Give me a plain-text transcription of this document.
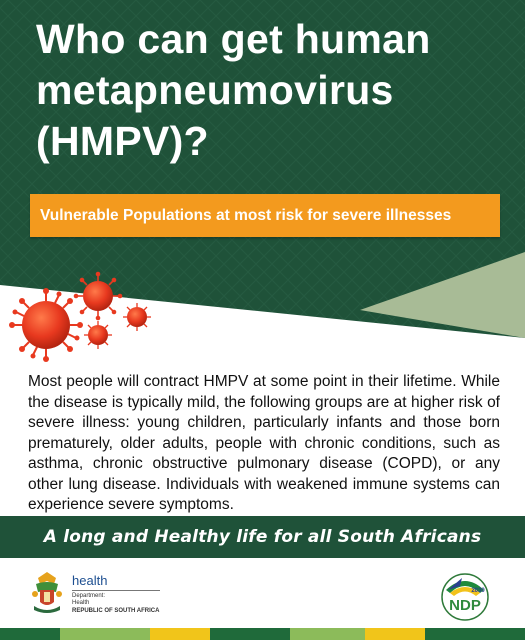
Who can get human metapneumovirus (HMPV)?
Vulnerable Populations at most risk for severe illnesses

Most people will contract HMPV at some point in their lifetime. While the disease is typically mild, the following groups are at higher risk of severe illness: young children, particularly infants and those born prematurely, older adults, people with chronic conditions, such as asthma, chronic obstructive pulmonary disease (COPD), or any other lung disease. Individuals with weakened immune systems can experience severe symptoms.

A long and Healthy life for all South Africans
health
Department:
Health
REPUBLIC OF SOUTH AFRICA
2030
NDP
